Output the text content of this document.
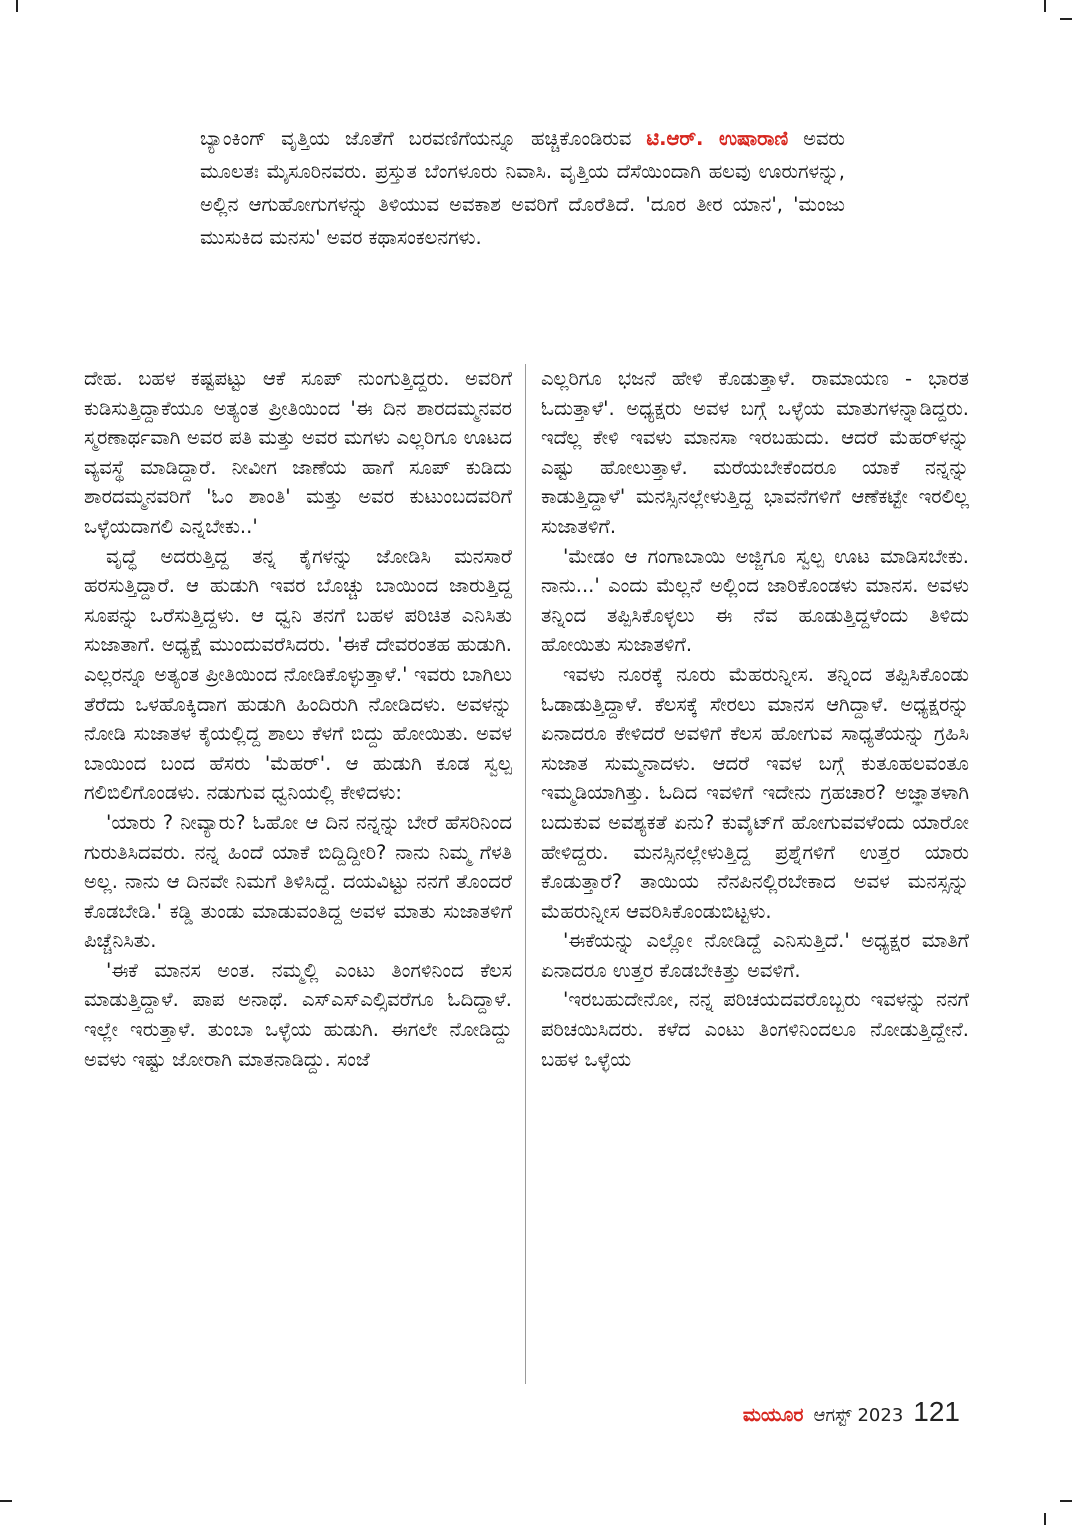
ಬ್ಯಾಂಕಿಂಗ್ ವೃತ್ತಿಯ ಜೊತೆಗೆ ಬರವಣಿಗೆಯನ್ನೂ ಹಚ್ಚಿಕೊಂಡಿರುವ ಟಿ.ಆರ್. ಉಷಾರಾಣಿ ಅವರು ಮೂಲತಃ ಮೈಸೂರಿನವರು. ಪ್ರಸ್ತುತ ಬೆಂಗಳೂರು ನಿವಾಸಿ. ವೃತ್ತಿಯ ದೆಸೆಯಿಂದಾಗಿ ಹಲವು ಊರುಗಳನ್ನು, ಅಲ್ಲಿನ ಆಗುಹೋಗುಗಳನ್ನು ತಿಳಿಯುವ ಅವಕಾಶ ಅವರಿಗೆ ದೊರೆತಿದೆ. 'ದೂರ ತೀರ ಯಾನ', 'ಮಂಜು ಮುಸುಕಿದ ಮನಸು' ಅವರ ಕಥಾಸಂಕಲನಗಳು.

ದೇಹ. ಬಹಳ ಕಷ್ಟಪಟ್ಟು ಆಕೆ ಸೂಪ್ ನುಂಗುತ್ತಿದ್ದರು. ಅವರಿಗೆ ಕುಡಿಸುತ್ತಿದ್ದಾಕೆಯೂ ಅತ್ಯಂತ ಪ್ರೀತಿಯಿಂದ 'ಈ ದಿನ ಶಾರದಮ್ಮನವರ ಸ್ಮರಣಾರ್ಥವಾಗಿ ಅವರ ಪತಿ ಮತ್ತು ಅವರ ಮಗಳು ಎಲ್ಲರಿಗೂ ಊಟದ ವ್ಯವಸ್ಥೆ ಮಾಡಿದ್ದಾರೆ. ನೀವೀಗ ಜಾಣೆಯ ಹಾಗೆ ಸೂಪ್ ಕುಡಿದು ಶಾರದಮ್ಮನವರಿಗೆ 'ಓಂ ಶಾಂತಿ' ಮತ್ತು ಅವರ ಕುಟುಂಬದವರಿಗೆ ಒಳ್ಳೆಯದಾಗಲಿ ಎನ್ನಬೇಕು..'

ವೃದ್ಧೆ ಅದರುತ್ತಿದ್ದ ತನ್ನ ಕೈಗಳನ್ನು ಜೋಡಿಸಿ ಮನಸಾರೆ ಹರಸುತ್ತಿದ್ದಾರೆ. ಆ ಹುಡುಗಿ ಇವರ ಬೊಚ್ಚು ಬಾಯಿಂದ ಜಾರುತ್ತಿದ್ದ ಸೂಪನ್ನು ಒರೆಸುತ್ತಿದ್ದಳು. ಆ ಧ್ವನಿ ತನಗೆ ಬಹಳ ಪರಿಚಿತ ಎನಿಸಿತು ಸುಜಾತಾಗೆ. ಅಧ್ಯಕ್ಷೆ ಮುಂದುವರೆಸಿದರು. 'ಈಕೆ ದೇವರಂತಹ ಹುಡುಗಿ. ಎಲ್ಲರನ್ನೂ ಅತ್ಯಂತ ಪ್ರೀತಿಯಿಂದ ನೋಡಿಕೊಳ್ಳುತ್ತಾಳೆ.' ಇವರು ಬಾಗಿಲು ತೆರೆದು ಒಳಹೊಕ್ಕಿದಾಗ ಹುಡುಗಿ ಹಿಂದಿರುಗಿ ನೋಡಿದಳು. ಅವಳನ್ನು ನೋಡಿ ಸುಜಾತಳ ಕೈಯಲ್ಲಿದ್ದ ಶಾಲು ಕೆಳಗೆ ಬಿದ್ದು ಹೋಯಿತು. ಅವಳ ಬಾಯಿಂದ ಬಂದ ಹೆಸರು 'ಮೆಹರ್'. ಆ ಹುಡುಗಿ ಕೂಡ ಸ್ವಲ್ಪ ಗಲಿಬಿಲಿಗೊಂಡಳು. ನಡುಗುವ ಧ್ವನಿಯಲ್ಲಿ ಕೇಳಿದಳು:

'ಯಾರು ? ನೀವ್ಯಾರು? ಓಹೋ ಆ ದಿನ ನನ್ನನ್ನು ಬೇರೆ ಹೆಸರಿನಿಂದ ಗುರುತಿಸಿದವರು. ನನ್ನ ಹಿಂದೆ ಯಾಕೆ ಬಿದ್ದಿದ್ದೀರಿ? ನಾನು ನಿಮ್ಮ ಗೆಳತಿ ಅಲ್ಲ. ನಾನು ಆ ದಿನವೇ ನಿಮಗೆ ತಿಳಿಸಿದ್ದೆ. ದಯವಿಟ್ಟು ನನಗೆ ತೊಂದರೆ ಕೊಡಬೇಡಿ.' ಕಡ್ಡಿ ತುಂಡು ಮಾಡುವಂತಿದ್ದ ಅವಳ ಮಾತು ಸುಜಾತಳಿಗೆ ಪಿಚ್ಚೆನಿಸಿತು.

'ಈಕೆ ಮಾನಸ ಅಂತ. ನಮ್ಮಲ್ಲಿ ಎಂಟು ತಿಂಗಳಿನಿಂದ ಕೆಲಸ ಮಾಡುತ್ತಿದ್ದಾಳೆ. ಪಾಪ ಅನಾಥೆ. ಎಸ್‌ಎಸ್‌ಎಲ್ಸಿವರೆಗೂ ಓದಿದ್ದಾಳೆ. ಇಲ್ಲೇ ಇರುತ್ತಾಳೆ. ತುಂಬಾ ಒಳ್ಳೆಯ ಹುಡುಗಿ. ಈಗಲೇ ನೋಡಿದ್ದು ಅವಳು ಇಷ್ಟು ಜೋರಾಗಿ ಮಾತನಾಡಿದ್ದು. ಸಂಜೆ

ಎಲ್ಲರಿಗೂ ಭಜನೆ ಹೇಳಿ ಕೊಡುತ್ತಾಳೆ. ರಾಮಾಯಣ - ಭಾರತ ಓದುತ್ತಾಳೆ'. ಅಧ್ಯಕ್ಷರು ಅವಳ ಬಗ್ಗೆ ಒಳ್ಳೆಯ ಮಾತುಗಳನ್ನಾಡಿದ್ದರು. ಇದೆಲ್ಲ ಕೇಳಿ ಇವಳು ಮಾನಸಾ ಇರಬಹುದು. ಆದರೆ ಮೆಹರ್‌ಳನ್ನು ಎಷ್ಟು ಹೋಲುತ್ತಾಳೆ. ಮರೆಯಬೇಕೆಂದರೂ ಯಾಕೆ ನನ್ನನ್ನು ಕಾಡುತ್ತಿದ್ದಾಳೆ' ಮನಸ್ಸಿನಲ್ಲೇಳುತ್ತಿದ್ದ ಭಾವನೆಗಳಿಗೆ ಆಣೆಕಟ್ಟೇ ಇರಲಿಲ್ಲ ಸುಜಾತಳಿಗೆ.

'ಮೇಡಂ ಆ ಗಂಗಾಬಾಯಿ ಅಜ್ಜಿಗೂ ಸ್ವಲ್ಪ ಊಟ ಮಾಡಿಸಬೇಕು. ನಾನು...' ಎಂದು ಮೆಲ್ಲನೆ ಅಲ್ಲಿಂದ ಜಾರಿಕೊಂಡಳು ಮಾನಸ. ಅವಳು ತನ್ನಿಂದ ತಪ್ಪಿಸಿಕೊಳ್ಳಲು ಈ ನೆವ ಹೂಡುತ್ತಿದ್ದಳೆಂದು ತಿಳಿದು ಹೋಯಿತು ಸುಜಾತಳಿಗೆ.

ಇವಳು ನೂರಕ್ಕೆ ನೂರು ಮೆಹರುನ್ನೀಸ. ತನ್ನಿಂದ ತಪ್ಪಿಸಿಕೊಂಡು ಓಡಾಡುತ್ತಿದ್ದಾಳೆ. ಕೆಲಸಕ್ಕೆ ಸೇರಲು ಮಾನಸ ಆಗಿದ್ದಾಳೆ. ಅಧ್ಯಕ್ಷರನ್ನು ಏನಾದರೂ ಕೇಳಿದರೆ ಅವಳಿಗೆ ಕೆಲಸ ಹೋಗುವ ಸಾಧ್ಯತೆಯನ್ನು ಗ್ರಹಿಸಿ ಸುಜಾತ ಸುಮ್ಮನಾದಳು. ಆದರೆ ಇವಳ ಬಗ್ಗೆ ಕುತೂಹಲವಂತೂ ಇಮ್ಮಡಿಯಾಗಿತ್ತು. ಓದಿದ ಇವಳಿಗೆ ಇದೇನು ಗ್ರಹಚಾರ? ಅಜ್ಞಾತಳಾಗಿ ಬದುಕುವ ಅವಶ್ಯಕತೆ ಏನು? ಕುವೈಟ್‌ಗೆ ಹೋಗುವವಳೆಂದು ಯಾರೋ ಹೇಳಿದ್ದರು. ಮನಸ್ಸಿನಲ್ಲೇಳುತ್ತಿದ್ದ ಪ್ರಶ್ನೆಗಳಿಗೆ ಉತ್ತರ ಯಾರು ಕೊಡುತ್ತಾರೆ? ತಾಯಿಯ ನೆನಪಿನಲ್ಲಿರಬೇಕಾದ ಅವಳ ಮನಸ್ಸನ್ನು ಮೆಹರುನ್ನೀಸ ಆವರಿಸಿಕೊಂಡುಬಿಟ್ಟಳು.

'ಈಕೆಯನ್ನು ಎಲ್ಲೋ ನೋಡಿದ್ದೆ ಎನಿಸುತ್ತಿದೆ.' ಅಧ್ಯಕ್ಷರ ಮಾತಿಗೆ ಏನಾದರೂ ಉತ್ತರ ಕೊಡಬೇಕಿತ್ತು ಅವಳಿಗೆ.

'ಇರಬಹುದೇನೋ, ನನ್ನ ಪರಿಚಯದವರೊಬ್ಬರು ಇವಳನ್ನು ನನಗೆ ಪರಿಚಯಿಸಿದರು. ಕಳೆದ ಎಂಟು ತಿಂಗಳಿನಿಂದಲೂ ನೋಡುತ್ತಿದ್ದೇನೆ. ಬಹಳ ಒಳ್ಳೆಯ

ಮಯೂರ ಆಗಸ್ಟ್ 2023 121
